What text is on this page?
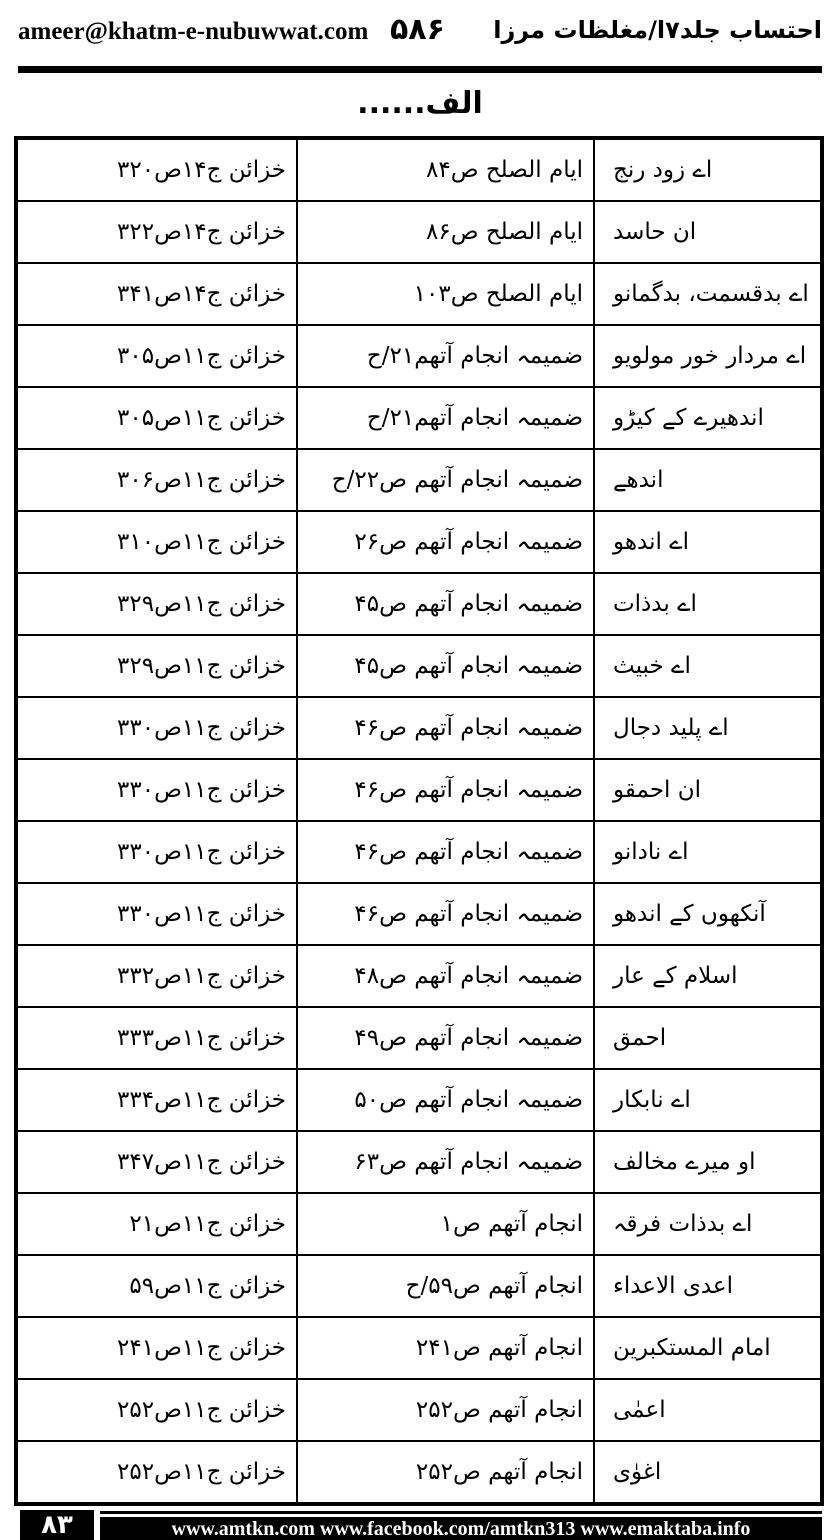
ameer@khatm-e-nubuwwat.com ۵۸۶ احتساب جلد۷ا/مغلظات مرزا
الف......
اے زود رنج	ایام الصلح ص۸۴	خزائن ج۱۴ص۳۲۰
ان حاسد	ایام الصلح ص۸۶	خزائن ج۱۴ص۳۲۲
اے بدقسمت، بدگمانو	ایام الصلح ص۱۰۳	خزائن ج۱۴ص۳۴۱
اے مردار خور مولویو	ضمیمہ انجام آتھم۲۱/ح	خزائن ج۱۱ص۳۰۵
اندھیرے کے کیڑو	ضمیمہ انجام آتھم۲۱/ح	خزائن ج۱۱ص۳۰۵
اندھے	ضمیمہ انجام آتھم ص۲۲/ح	خزائن ج۱۱ص۳۰۶
اے اندھو	ضمیمہ انجام آتھم ص۲۶	خزائن ج۱۱ص۳۱۰
اے بدذات	ضمیمہ انجام آتھم ص۴۵	خزائن ج۱۱ص۳۲۹
اے خبیث	ضمیمہ انجام آتھم ص۴۵	خزائن ج۱۱ص۳۲۹
اے پلید دجال	ضمیمہ انجام آتھم ص۴۶	خزائن ج۱۱ص۳۳۰
ان احمقو	ضمیمہ انجام آتھم ص۴۶	خزائن ج۱۱ص۳۳۰
اے نادانو	ضمیمہ انجام آتھم ص۴۶	خزائن ج۱۱ص۳۳۰
آنکھوں کے اندھو	ضمیمہ انجام آتھم ص۴۶	خزائن ج۱۱ص۳۳۰
اسلام کے عار	ضمیمہ انجام آتھم ص۴۸	خزائن ج۱۱ص۳۳۲
احمق	ضمیمہ انجام آتھم ص۴۹	خزائن ج۱۱ص۳۳۳
اے نابکار	ضمیمہ انجام آتھم ص۵۰	خزائن ج۱۱ص۳۳۴
او میرے مخالف	ضمیمہ انجام آتھم ص۶۳	خزائن ج۱۱ص۳۴۷
اے بدذات فرقہ	انجام آتھم ص۱	خزائن ج۱۱ص۲۱
اعدی الاعداء	انجام آتھم ص۵۹/ح	خزائن ج۱۱ص۵۹
امام المستکبرین	انجام آتھم ص۲۴۱	خزائن ج۱۱ص۲۴۱
اعمٰی	انجام آتھم ص۲۵۲	خزائن ج۱۱ص۲۵۲
اغوٰی	انجام آتھم ص۲۵۲	خزائن ج۱۱ص۲۵۲
۸۳	www.amtkn.com www.facebook.com/amtkn313 www.emaktaba.info
